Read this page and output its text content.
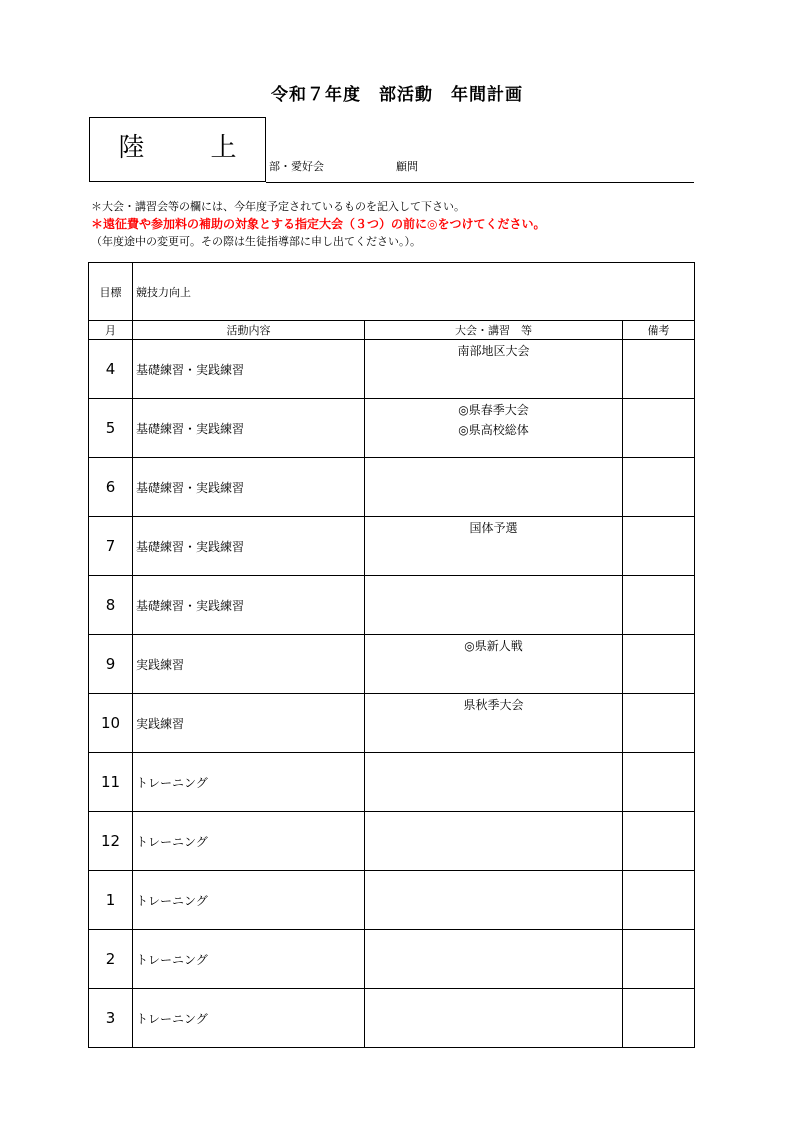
令和７年度　部活動　年間計画
陸　上
部・愛好会	顧問
＊大会・講習会等の欄には、今年度予定されているものを記入して下さい。
＊遠征費や参加料の補助の対象とする指定大会（３つ）の前に◎をつけてください。
（年度途中の変更可。その際は生徒指導部に申し出てください。）。
目標	競技力向上		
月	活動内容	大会・講習　等	備考
4	基礎練習・実践練習	南部地区大会	

5	基礎練習・実践練習	◎県春季大会
◎県高校総体	

6	基礎練習・実践練習		
7	基礎練習・実践練習	国体予選	

8	基礎練習・実践練習		
9	実践練習	◎県新人戦	

10	実践練習	県秋季大会	

11	トレーニング		
12	トレーニング		
1	トレーニング		
2	トレーニング		
3	トレーニング		
